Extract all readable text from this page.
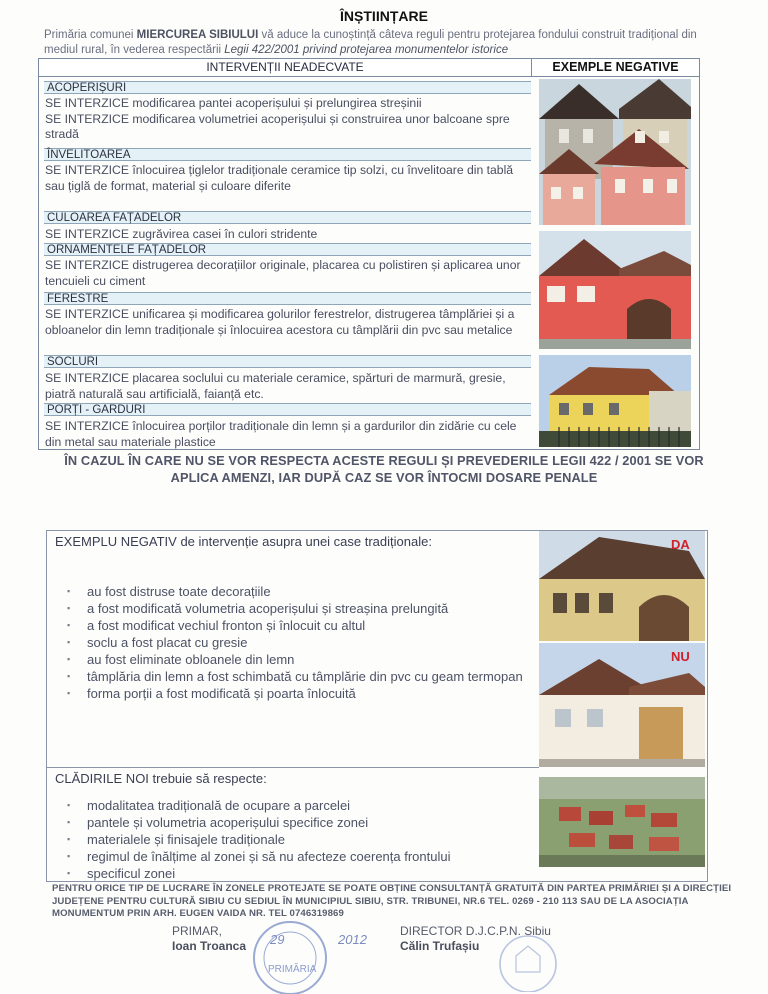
ÎNȘTIINȚARE
Primăria comunei MIERCUREA SIBIULUI vă aduce la cunoștință câteva reguli pentru protejarea fondului construit tradițional din mediul rural, în vederea respectării Legii 422/2001 privind protejarea monumentelor istorice
INTERVENȚII NEADECVATE	EXEMPLE NEGATIVE
ACOPERIȘURI
SE INTERZICE modificarea pantei acoperișului și prelungirea streșinii
SE INTERZICE modificarea volumetriei acoperișului și construirea unor balcoane spre stradă
ÎNVELITOAREA
SE INTERZICE înlocuirea țiglelor tradiționale ceramice tip solzi, cu învelitoare din tablă sau țiglă de format, material și culoare diferite
CULOAREA FAȚADELOR
SE INTERZICE zugrăvirea casei în culori stridente
ORNAMENTELE FAȚADELOR
SE INTERZICE distrugerea decorațiilor originale, placarea cu polistiren și aplicarea unor tencuieli cu ciment
FERESTRE
SE INTERZICE unificarea și modificarea golurilor ferestrelor, distrugerea tâmplăriei și a obloanelor din lemn tradiționale și înlocuirea acestora cu tâmplării din pvc sau metalice
SOCLURI
SE INTERZICE placarea soclului cu materiale ceramice, spărturi de marmură, gresie, piatră naturală sau artificială, faianță etc.
PORȚI - GARDURI
SE INTERZICE înlocuirea porților tradiționale din lemn și a gardurilor din zidărie cu cele din metal sau materiale plastice
ÎN CAZUL ÎN CARE NU SE VOR RESPECTA ACESTE REGULI ȘI PREVEDERILE LEGII 422 / 2001 SE VOR APLICA AMENZI, IAR DUPĂ CAZ SE VOR ÎNTOCMI DOSARE PENALE
EXEMPLU NEGATIV de intervenție asupra unei case tradiționale:
▪ au fost distruse toate decorațiile
▪ a fost modificată volumetria acoperișului și streașina prelungită
▪ a fost modificat vechiul fronton și înlocuit cu altul
▪ soclu a fost placat cu gresie
▪ au fost eliminate obloanele din lemn
▪ tâmplăria din lemn a fost schimbată cu tâmplărie din pvc cu geam termopan
▪ forma porții a fost modificată și poarta înlocuită
CLĂDIRILE NOI trebuie să respecte:
▪ modalitatea tradițională de ocupare a parcelei
▪ pantele și volumetria acoperișului specifice zonei
▪ materialele și finisajele tradiționale
▪ regimul de înălțime al zonei și să nu afecteze coerența frontului
▪ specificul zonei
DA
NU
PENTRU ORICE TIP DE LUCRARE ÎN ZONELE PROTEJATE SE POATE OBȚINE CONSULTANȚĂ GRATUITĂ DIN PARTEA PRIMĂRIEI ȘI A DIRECȚIEI JUDEȚENE PENTRU CULTURĂ SIBIU CU SEDIUL ÎN MUNICIPIUL SIBIU, STR. TRIBUNEI, NR.6 TEL. 0269 - 210 113 SAU DE LA ASOCIAȚIA MONUMENTUM PRIN ARH. EUGEN VAIDA NR. TEL 0746319869
PRIMAR,
Ioan Troanca
PRIMĂRIA
29	2012
DIRECTOR D.J.C.P.N. Sibiu
Călin Trufașiu
